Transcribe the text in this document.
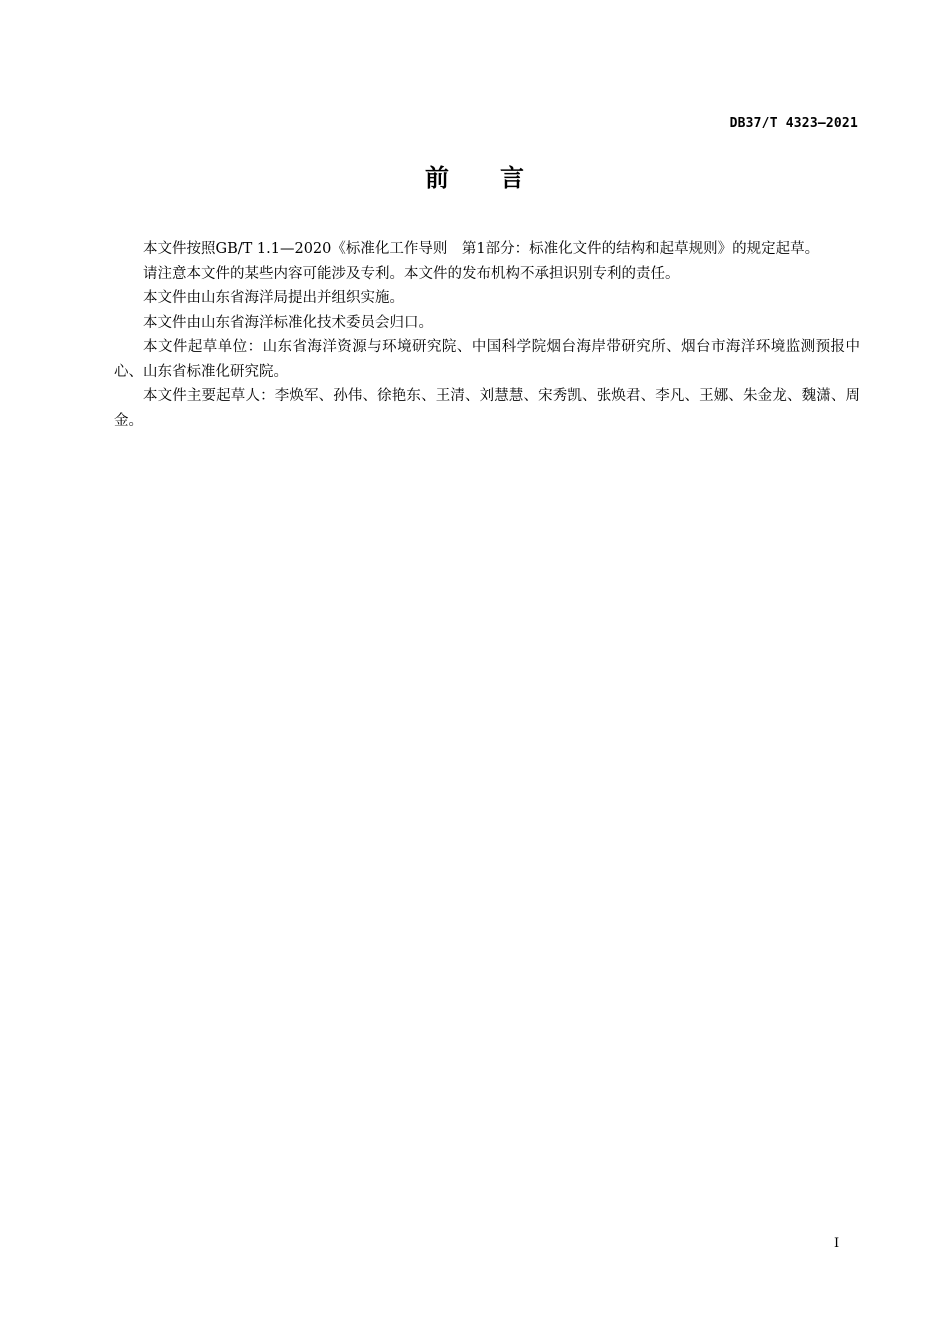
DB37/T 4323—2021
前　　言

本文件按照GB/T 1.1—2020《标准化工作导则　第1部分：标准化文件的结构和起草规则》的规定起草。

请注意本文件的某些内容可能涉及专利。本文件的发布机构不承担识别专利的责任。

本文件由山东省海洋局提出并组织实施。

本文件由山东省海洋标准化技术委员会归口。

本文件起草单位：山东省海洋资源与环境研究院、中国科学院烟台海岸带研究所、烟台市海洋环境监测预报中心、山东省标准化研究院。

本文件主要起草人：李焕军、孙伟、徐艳东、王清、刘慧慧、宋秀凯、张焕君、李凡、王娜、朱金龙、魏潇、周金。

I
